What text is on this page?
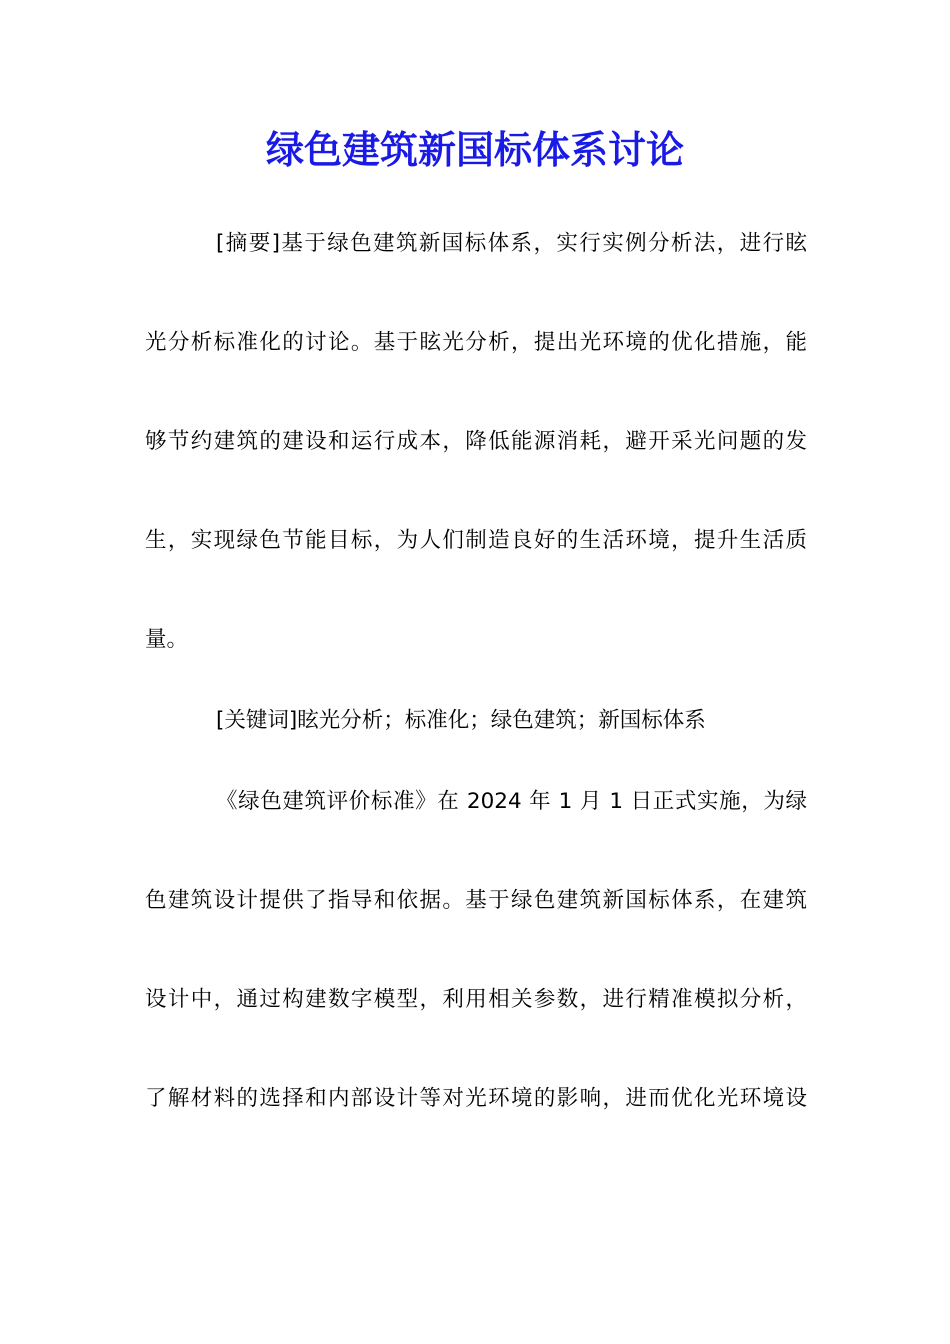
绿色建筑新国标体系讨论
[摘要]基于绿色建筑新国标体系，实行实例分析法，进行眩
光分析标准化的讨论。基于眩光分析，提出光环境的优化措施，能
够节约建筑的建设和运行成本，降低能源消耗，避开采光问题的发
生，实现绿色节能目标，为人们制造良好的生活环境，提升生活质
量。
[关键词]眩光分析；标准化；绿色建筑；新国标体系
《绿色建筑评价标准》在 2024 年 1 月 1 日正式实施，为绿
色建筑设计提供了指导和依据。基于绿色建筑新国标体系，在建筑
设计中，通过构建数字模型，利用相关参数，进行精准模拟分析，
了解材料的选择和内部设计等对光环境的影响，进而优化光环境设
